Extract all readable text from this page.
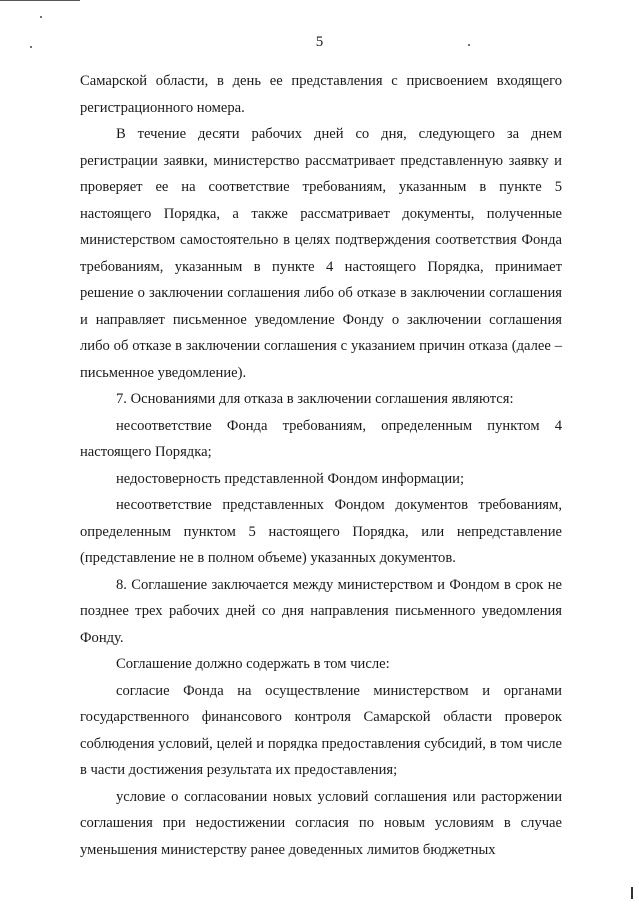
5

Самарской области, в день ее представления с присвоением входящего регистрационного номера.

В течение десяти рабочих дней со дня, следующего за днем регистрации заявки, министерство рассматривает представленную заявку и проверяет ее на соответствие требованиям, указанным в пункте 5 настоящего Порядка, а также рассматривает документы, полученные министерством самостоятельно в целях подтверждения соответствия Фонда требованиям, указанным в пункте 4 настоящего Порядка, принимает решение о заключении соглашения либо об отказе в заключении соглашения и направляет письменное уведомление Фонду о заключении соглашения либо об отказе в заключении соглашения с указанием причин отказа (далее – письменное уведомление).

7. Основаниями для отказа в заключении соглашения являются:

несоответствие Фонда требованиям, определенным пунктом 4 настоящего Порядка;

недостоверность представленной Фондом информации;

несоответствие представленных Фондом документов требованиям, определенным пунктом 5 настоящего Порядка, или непредставление (представление не в полном объеме) указанных документов.

8. Соглашение заключается между министерством и Фондом в срок не позднее трех рабочих дней со дня направления письменного уведомления Фонду.

Соглашение должно содержать в том числе:

согласие Фонда на осуществление министерством и органами государственного финансового контроля Самарской области проверок соблюдения условий, целей и порядка предоставления субсидий, в том числе в части достижения результата их предоставления;

условие о согласовании новых условий соглашения или расторжении соглашения при недостижении согласия по новым условиям в случае уменьшения министерству ранее доведенных лимитов бюджетных
